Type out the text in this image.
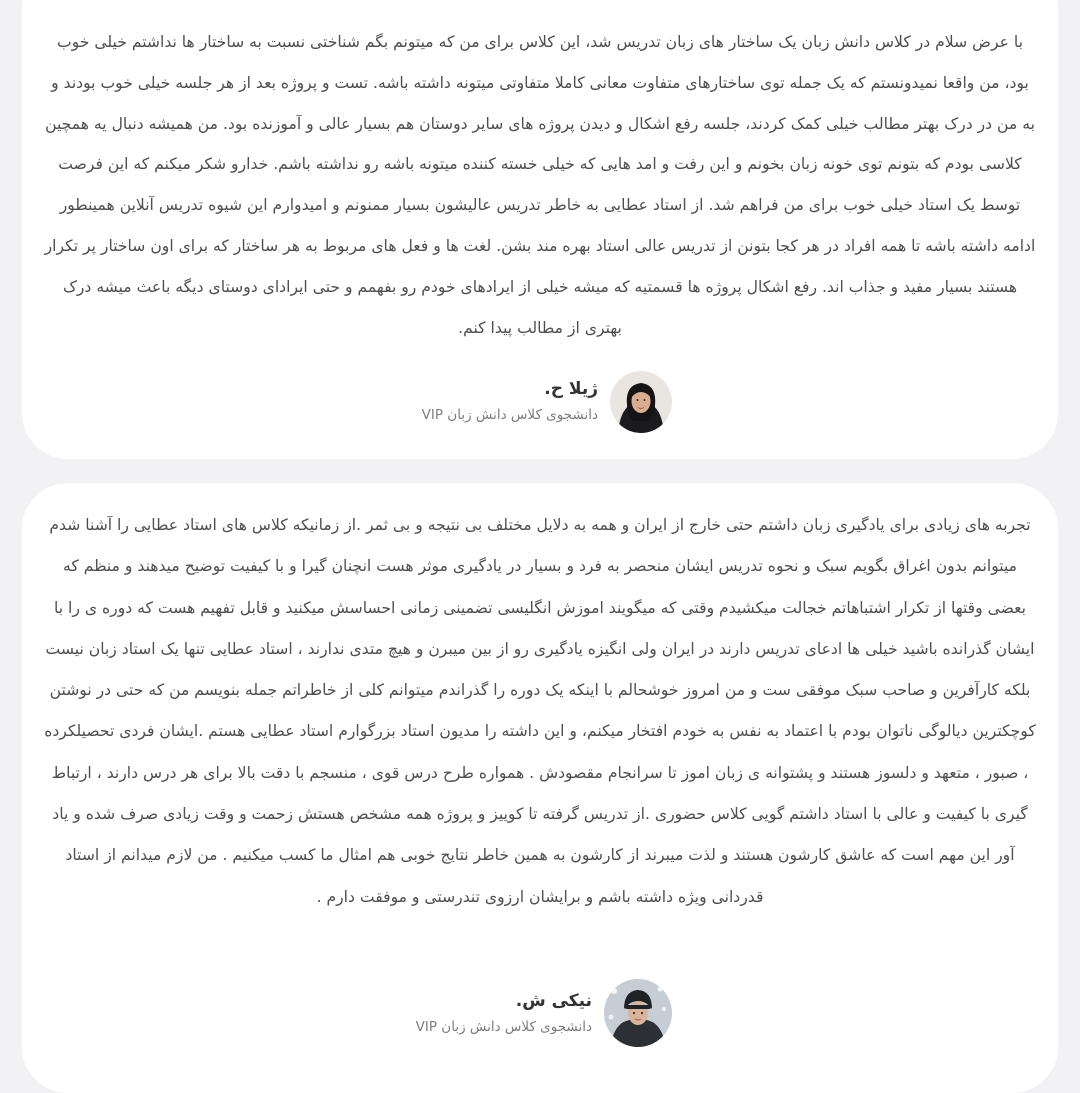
با عرض سلام در کلاس دانش زبان یک ساختار های زبان تدریس شد، این کلاس برای من که میتونم بگم شناختی نسبت به ساختار ها نداشتم خیلی خوب بود، من واقعا نمیدونستم که یک جمله توی ساختارهای متفاوت معانی کاملا متفاوتی میتونه داشته باشه. تست و پروژه بعد از هر جلسه خیلی خوب بودند و به من در درک بهتر مطالب خیلی کمک کردند، جلسه رفع اشکال و دیدن پروژه های سایر دوستان هم بسیار عالی و آموزنده بود. من همیشه دنبال یه همچین کلاسی بودم که بتونم توی خونه زبان بخونم و این رفت و امد هایی که خیلی خسته کننده میتونه باشه رو نداشته باشم. خدارو شکر میکنم که این فرصت توسط یک استاد خیلی خوب برای من فراهم شد. از استاد عطایی به خاطر تدریس عالیشون بسیار ممنونم و امیدوارم این شیوه تدریس آنلاین همینطور ادامه داشته باشه تا همه افراد در هر کجا بتونن از تدریس عالی استاد بهره مند بشن. لغت ها و فعل های مربوط به هر ساختار که برای اون ساختار پر تکرار هستند بسیار مفید و جذاب اند. رفع اشکال پروژه ها قسمتیه که میشه خیلی از ایرادهای خودم رو بفهمم و حتی ایرادای دوستای دیگه باعث میشه درک بهتری از مطالب پیدا کنم.

ژیلا ح.
دانشجوی کلاس دانش زبان VIP

تجربه های زیادی برای یادگیری زبان داشتم حتی خارج از ایران و همه به دلایل مختلف بی نتیجه و بی ثمر .از زمانیکه کلاس های استاد عطایی را آشنا شدم میتوانم بدون اغراق بگویم سبک و نحوه تدریس ایشان منحصر به فرد و بسیار در یادگیری موثر هست انچنان گیرا و با کیفیت توضیح میدهند و منظم که بعضی وقتها از تکرار اشتباهاتم خجالت میکشیدم وقتی که میگویند اموزش انگلیسی تضمینی زمانی احساسش میکنید و قابل تفهیم هست که دوره ی را با ایشان گذرانده باشید خیلی ها ادعای تدریس دارند در ایران ولی انگیزه یادگیری رو از بین میبرن و هیچ متدی ندارند ، استاد عطایی تنها یک استاد زبان نیست بلکه کارآفرین و صاحب سبک موفقی ست و من امروز خوشحالم با اینکه یک دوره را گذراندم میتوانم کلی از خاطراتم جمله بنویسم من که حتی در نوشتن کوچکترین دیالوگی ناتوان بودم با اعتماد به نفس به خودم افتخار میکنم، و این داشته را مدیون استاد بزرگوارم استاد عطایی هستم .ایشان فردی تحصیلکرده ، صبور ، متعهد و دلسوز هستند و پشتوانه ی زبان اموز تا سرانجام مقصودش . همواره طرح درس قوی ، منسجم با دقت بالا برای هر درس دارند ، ارتباط گیری با کیفیت و عالی با استاد داشتم گویی کلاس حضوری .از تدریس گرفته تا کوییز و پروژه همه مشخص هستش زحمت و وقت زیادی صرف شده و یاد آور این مهم است که عاشق کارشون هستند و لذت میبرند از کارشون به همین خاطر نتایج خوبی هم امثال ما کسب میکنیم . من لازم میدانم از استاد قدردانی ویژه داشته باشم و برایشان ارزوی تندرستی و موفقت دارم .

نیکی ش.
دانشجوی کلاس دانش زبان VIP
